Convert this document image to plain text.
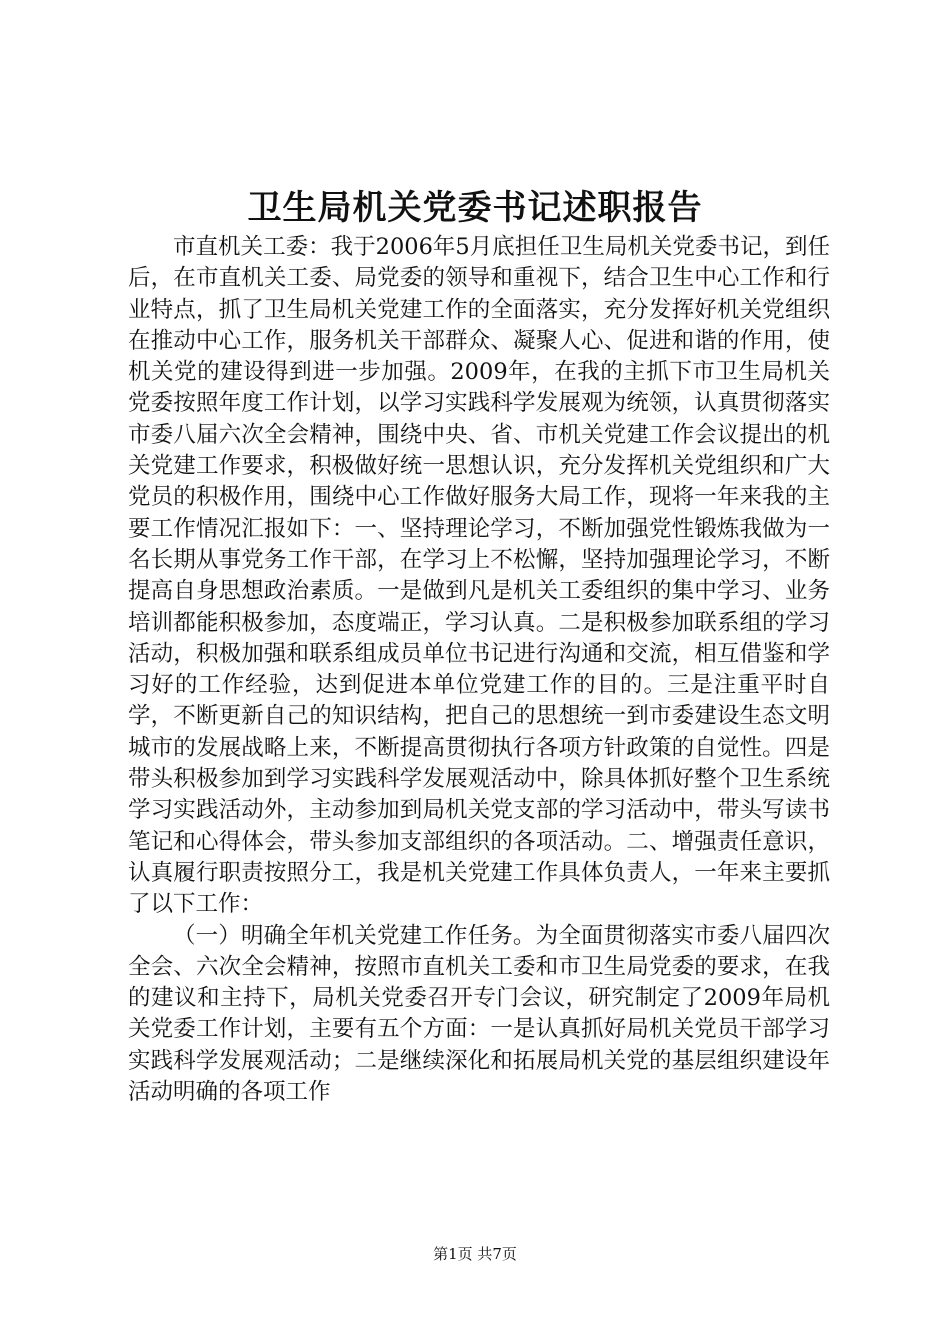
卫生局机关党委书记述职报告

市直机关工委：我于2006年5月底担任卫生局机关党委书记，到任后，在市直机关工委、局党委的领导和重视下，结合卫生中心工作和行业特点，抓了卫生局机关党建工作的全面落实，充分发挥好机关党组织在推动中心工作，服务机关干部群众、凝聚人心、促进和谐的作用，使机关党的建设得到进一步加强。2009年，在我的主抓下市卫生局机关党委按照年度工作计划，以学习实践科学发展观为统领，认真贯彻落实市委八届六次全会精神，围绕中央、省、市机关党建工作会议提出的机关党建工作要求，积极做好统一思想认识，充分发挥机关党组织和广大党员的积极作用，围绕中心工作做好服务大局工作，现将一年来我的主要工作情况汇报如下：一、坚持理论学习，不断加强党性锻炼我做为一名长期从事党务工作干部，在学习上不松懈，坚持加强理论学习，不断提高自身思想政治素质。一是做到凡是机关工委组织的集中学习、业务培训都能积极参加，态度端正，学习认真。二是积极参加联系组的学习活动，积极加强和联系组成员单位书记进行沟通和交流，相互借鉴和学习好的工作经验，达到促进本单位党建工作的目的。三是注重平时自学，不断更新自己的知识结构，把自己的思想统一到市委建设生态文明城市的发展战略上来，不断提高贯彻执行各项方针政策的自觉性。四是带头积极参加到学习实践科学发展观活动中，除具体抓好整个卫生系统学习实践活动外，主动参加到局机关党支部的学习活动中，带头写读书笔记和心得体会，带头参加支部组织的各项活动。二、增强责任意识，认真履行职责按照分工，我是机关党建工作具体负责人，一年来主要抓了以下工作：

（一）明确全年机关党建工作任务。为全面贯彻落实市委八届四次全会、六次全会精神，按照市直机关工委和市卫生局党委的要求，在我的建议和主持下，局机关党委召开专门会议，研究制定了2009年局机关党委工作计划，主要有五个方面：一是认真抓好局机关党员干部学习实践科学发展观活动；二是继续深化和拓展局机关党的基层组织建设年活动明确的各项工作

第1页 共7页
